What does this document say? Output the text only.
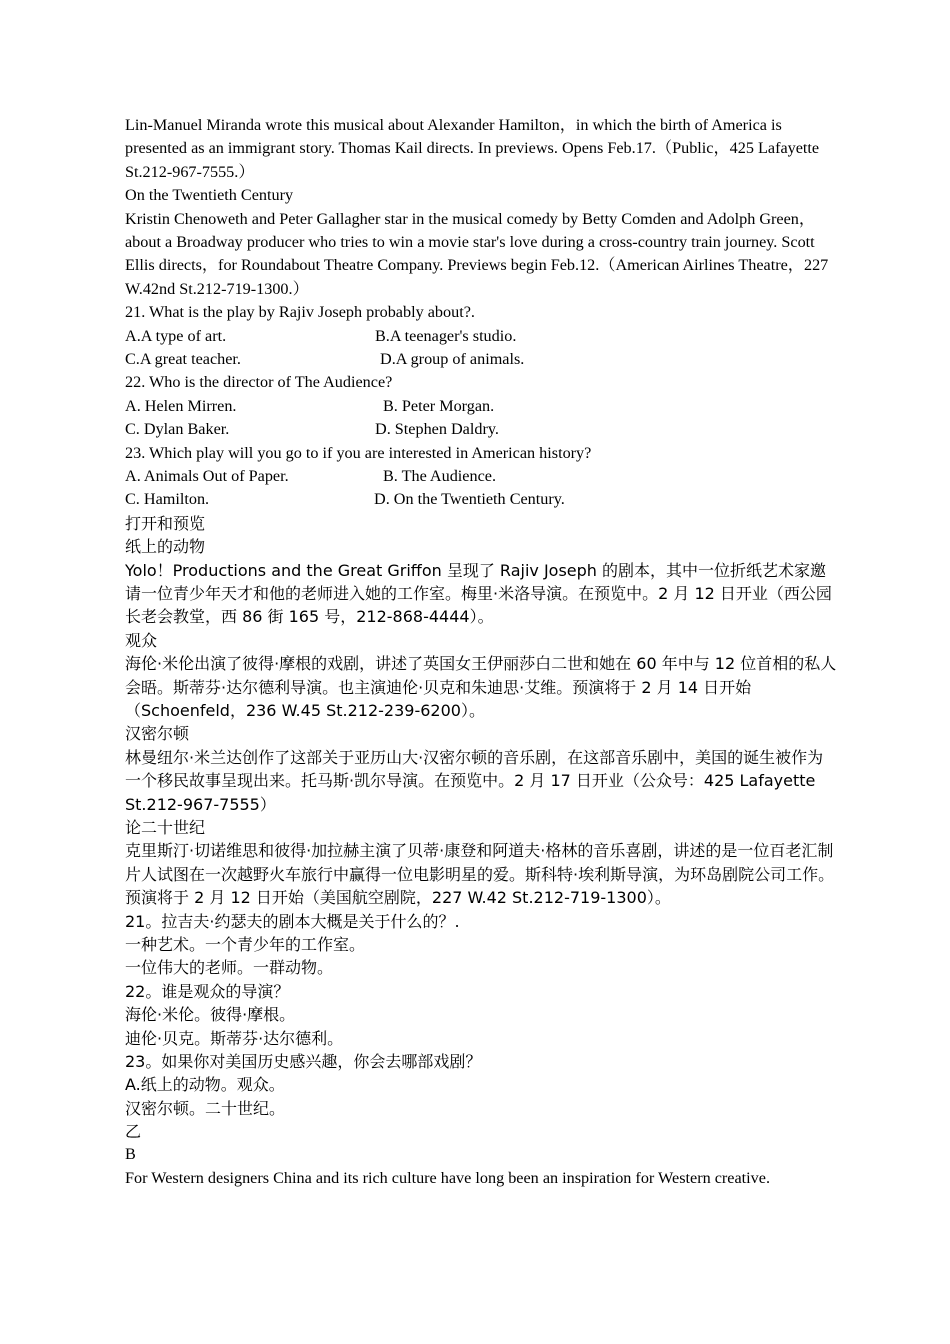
Lin-Manuel Miranda wrote this musical about Alexander Hamilton，in which the birth of America is presented as an immigrant story. Thomas Kail directs. In previews. Opens Feb.17.（Public，425 Lafayette St.212-967-7555.）
On the Twentieth Century
Kristin Chenoweth and Peter Gallagher star in the musical comedy by Betty Comden and Adolph Green，about a Broadway producer who tries to win a movie star's love during a cross-country train journey. Scott Ellis directs，for Roundabout Theatre Company. Previews begin Feb.12.（American Airlines Theatre，227 W.42nd St.212-719-1300.）
21. What is the play by Rajiv Joseph probably about?.
A.A type of art.	B.A teenager's studio.
C.A great teacher.	D.A group of animals.
22. Who is the director of The Audience?
A. Helen Mirren.	B. Peter Morgan.
C. Dylan Baker.	D. Stephen Daldry.
23. Which play will you go to if you are interested in American history?
A. Animals Out of Paper.	B. The Audience.
C. Hamilton.	D. On the Twentieth Century.
打开和预览
纸上的动物
Yolo！Productions and the Great Griffon 呈现了 Rajiv Joseph 的剧本，其中一位折纸艺术家邀请一位青少年天才和他的老师进入她的工作室。梅里·米洛导演。在预览中。2 月 12 日开业（西公园长老会教堂，西 86 街 165 号，212-868-4444）。
观众
海伦·米伦出演了彼得·摩根的戏剧，讲述了英国女王伊丽莎白二世和她在 60 年中与 12 位首相的私人会晤。斯蒂芬·达尔德利导演。也主演迪伦·贝克和朱迪思·艾维。预演将于 2 月 14 日开始（Schoenfeld，236 W.45 St.212-239-6200）。
汉密尔顿
林曼纽尔·米兰达创作了这部关于亚历山大·汉密尔顿的音乐剧，在这部音乐剧中，美国的诞生被作为一个移民故事呈现出来。托马斯·凯尔导演。在预览中。2 月 17 日开业（公众号：425 Lafayette St.212-967-7555）
论二十世纪
克里斯汀·切诺维思和彼得·加拉赫主演了贝蒂·康登和阿道夫·格林的音乐喜剧，讲述的是一位百老汇制片人试图在一次越野火车旅行中赢得一位电影明星的爱。斯科特·埃利斯导演，为环岛剧院公司工作。预演将于 2 月 12 日开始（美国航空剧院，227 W.42 St.212-719-1300）。
21。拉吉夫·约瑟夫的剧本大概是关于什么的？.
一种艺术。一个青少年的工作室。
一位伟大的老师。一群动物。
22。谁是观众的导演？
海伦·米伦。彼得·摩根。
迪伦·贝克。斯蒂芬·达尔德利。
23。如果你对美国历史感兴趣，你会去哪部戏剧？
A.纸上的动物。观众。
汉密尔顿。二十世纪。
乙
B
For Western designers China and its rich culture have long been an inspiration for Western creative.
